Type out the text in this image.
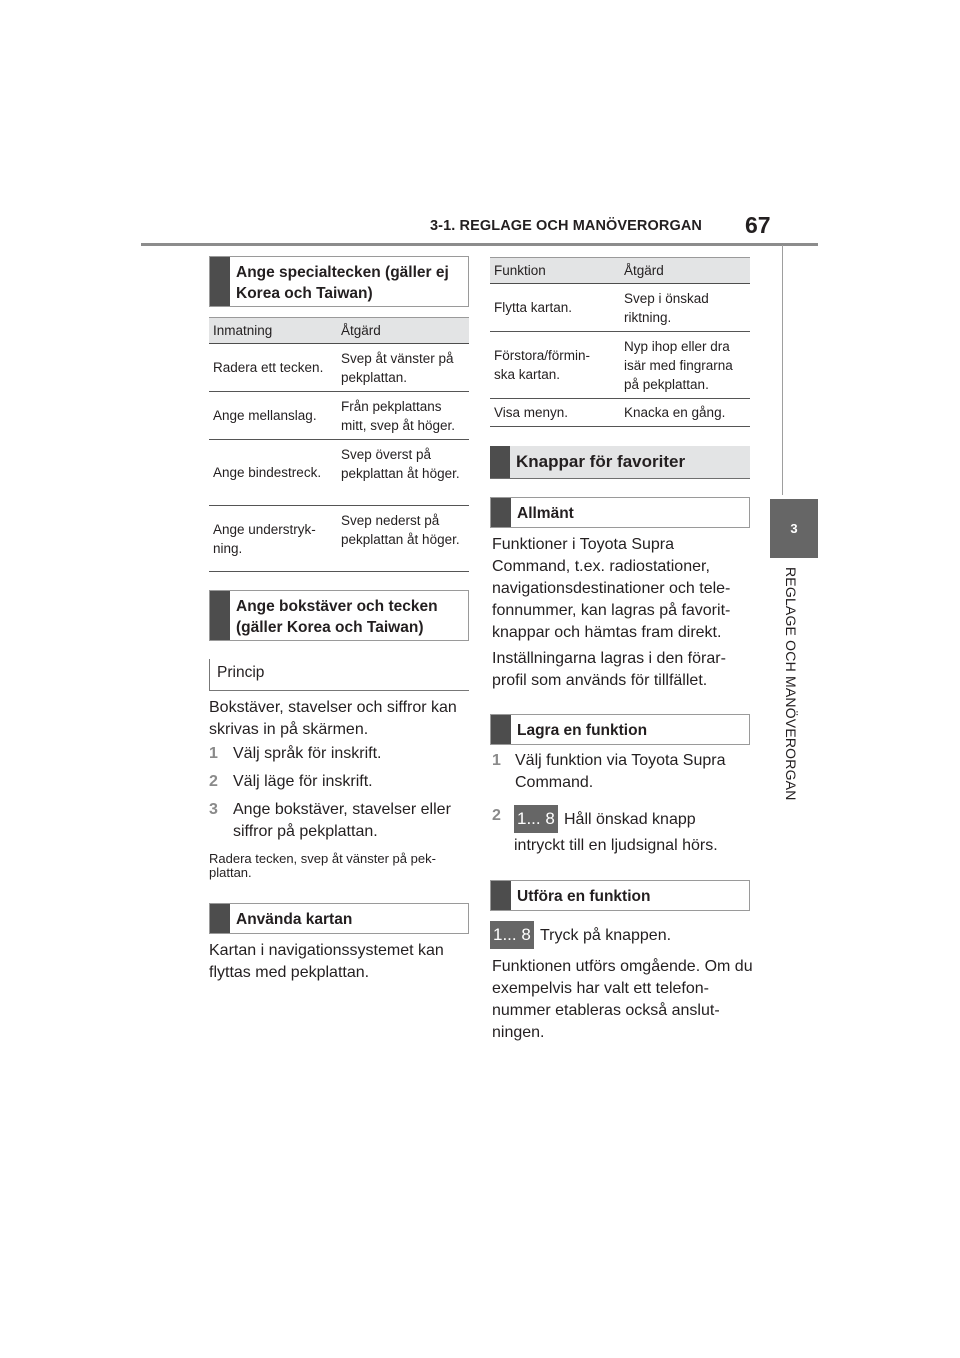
3-1. REGLAGE OCH MANÖVERORGAN 67
3
REGLAGE OCH MANÖVERORGAN
Ange specialtecken (gäller ej Korea och Taiwan)
Inmatning	Åtgärd
Radera ett tecken.	Svep åt vänster på pekplattan.
Ange mellanslag.	Från pekplattans mitt, svep åt höger.
Ange bindestreck.	Svep överst på pekplattan åt höger.
Ange understryk-ning.	Svep nederst på pekplattan åt höger.
Ange bokstäver och tecken (gäller Korea och Taiwan)
Princip
Bokstäver, stavelser och siffror kan skrivas in på skärmen.
1 Välj språk för inskrift.
2 Välj läge för inskrift.
3 Ange bokstäver, stavelser eller siffror på pekplattan.
Radera tecken, svep åt vänster på pek-plattan.
Använda kartan
Kartan i navigationssystemet kan flyttas med pekplattan.
Funktion	Åtgärd
Flytta kartan.	Svep i önskad riktning.
Förstora/förmin-ska kartan.	Nyp ihop eller dra isär med fingrarna på pekplattan.
Visa menyn.	Knacka en gång.
Knappar för favoriter
Allmänt
Funktioner i Toyota Supra Command, t.ex. radiostationer, navigationsdestinationer och tele-fonnummer, kan lagras på favorit-knappar och hämtas fram direkt.
Inställningarna lagras i den förar-profil som används för tillfället.
Lagra en funktion
1 Välj funktion via Toyota Supra Command.
2 1... 8 Håll önskad knapp
intryckt till en ljudsignal hörs.
Utföra en funktion
1... 8 Tryck på knappen.
Funktionen utförs omgående. Om du exempelvis har valt ett telefon-nummer etableras också anslut-ningen.
